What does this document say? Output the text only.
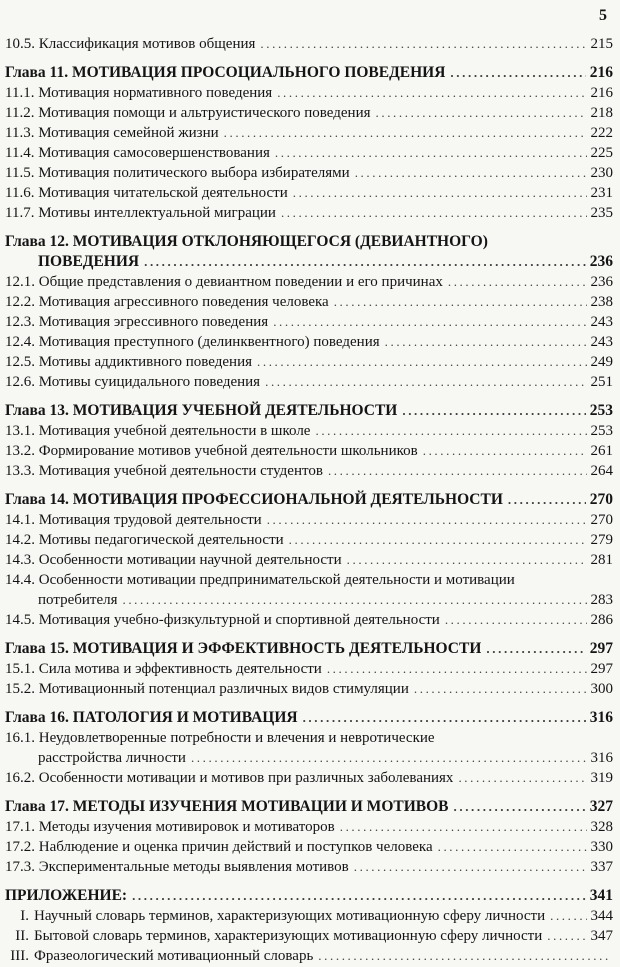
5
10.5. Классификация мотивов общения .....	215
Глава 11. МОТИВАЦИЯ ПРОСОЦИАЛЬНОГО ПОВЕДЕНИЯ .....	216
11.1. Мотивация нормативного поведения .....	216
11.2. Мотивация помощи и альтруистического поведения .....	218
11.3. Мотивация семейной жизни .....	222
11.4. Мотивация самосовершенствования .....	225
11.5. Мотивация политического выбора избирателями .....	230
11.6. Мотивация читательской деятельности .....	231
11.7. Мотивы интеллектуальной миграции .....	235
Глава 12. МОТИВАЦИЯ ОТКЛОНЯЮЩЕГОСЯ (ДЕВИАНТНОГО)
ПОВЕДЕНИЯ .....	236
12.1. Общие представления о девиантном поведении и его причинах .....	236
12.2. Мотивация агрессивного поведения человека .....	238
12.3. Мотивация эгрессивного поведения .....	243
12.4. Мотивация преступного (делинквентного) поведения .....	243
12.5. Мотивы аддиктивного поведения .....	249
12.6. Мотивы суицидального поведения .....	251
Глава 13. МОТИВАЦИЯ УЧЕБНОЙ ДЕЯТЕЛЬНОСТИ .....	253
13.1. Мотивация учебной деятельности в школе .....	253
13.2. Формирование мотивов учебной деятельности школьников .....	261
13.3. Мотивация учебной деятельности студентов .....	264
Глава 14. МОТИВАЦИЯ ПРОФЕССИОНАЛЬНОЙ ДЕЯТЕЛЬНОСТИ .....	270
14.1. Мотивация трудовой деятельности .....	270
14.2. Мотивы педагогической деятельности .....	279
14.3. Особенности мотивации научной деятельности .....	281
14.4. Особенности мотивации предпринимательской деятельности и мотивации
потребителя .....	283
14.5. Мотивация учебно-физкультурной и спортивной деятельности .....	286
Глава 15. МОТИВАЦИЯ И ЭФФЕКТИВНОСТЬ ДЕЯТЕЛЬНОСТИ .....	297
15.1. Сила мотива и эффективность деятельности .....	297
15.2. Мотивационный потенциал различных видов стимуляции .....	300
Глава 16. ПАТОЛОГИЯ И МОТИВАЦИЯ .....	316
16.1. Неудовлетворенные потребности и влечения и невротические
расстройства личности .....	316
16.2. Особенности мотивации и мотивов при различных заболеваниях .....	319
Глава 17. МЕТОДЫ ИЗУЧЕНИЯ МОТИВАЦИИ И МОТИВОВ .....	327
17.1. Методы изучения мотивировок и мотиваторов .....	328
17.2. Наблюдение и оценка причин действий и поступков человека .....	330
17.3. Экспериментальные методы выявления мотивов .....	337
ПРИЛОЖЕНИЕ: .....	341
I. Научный словарь терминов, характеризующих мотивационную сферу личности .....	344
II. Бытовой словарь терминов, характеризующих мотивационную сферу личности .....	347
III. Фразеологический мотивационный словарь
.....
